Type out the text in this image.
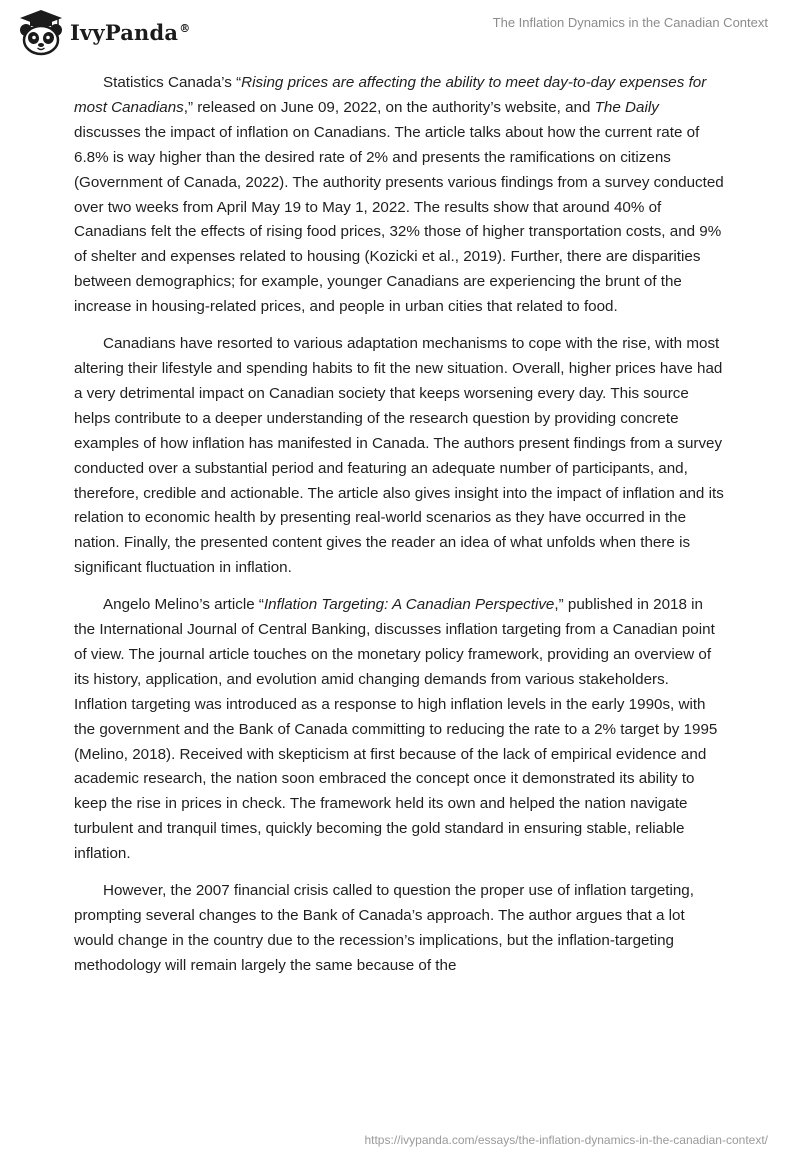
IvyPanda®	The Inflation Dynamics in the Canadian Context

Statistics Canada’s “Rising prices are affecting the ability to meet day-to-day expenses for most Canadians,” released on June 09, 2022, on the authority’s website, and The Daily discusses the impact of inflation on Canadians. The article talks about how the current rate of 6.8% is way higher than the desired rate of 2% and presents the ramifications on citizens (Government of Canada, 2022). The authority presents various findings from a survey conducted over two weeks from April May 19 to May 1, 2022. The results show that around 40% of Canadians felt the effects of rising food prices, 32% those of higher transportation costs, and 9% of shelter and expenses related to housing (Kozicki et al., 2019). Further, there are disparities between demographics; for example, younger Canadians are experiencing the brunt of the increase in housing-related prices, and people in urban cities that related to food.

Canadians have resorted to various adaptation mechanisms to cope with the rise, with most altering their lifestyle and spending habits to fit the new situation. Overall, higher prices have had a very detrimental impact on Canadian society that keeps worsening every day. This source helps contribute to a deeper understanding of the research question by providing concrete examples of how inflation has manifested in Canada. The authors present findings from a survey conducted over a substantial period and featuring an adequate number of participants, and, therefore, credible and actionable. The article also gives insight into the impact of inflation and its relation to economic health by presenting real-world scenarios as they have occurred in the nation. Finally, the presented content gives the reader an idea of what unfolds when there is significant fluctuation in inflation.

Angelo Melino’s article “Inflation Targeting: A Canadian Perspective,” published in 2018 in the International Journal of Central Banking, discusses inflation targeting from a Canadian point of view. The journal article touches on the monetary policy framework, providing an overview of its history, application, and evolution amid changing demands from various stakeholders. Inflation targeting was introduced as a response to high inflation levels in the early 1990s, with the government and the Bank of Canada committing to reducing the rate to a 2% target by 1995 (Melino, 2018). Received with skepticism at first because of the lack of empirical evidence and academic research, the nation soon embraced the concept once it demonstrated its ability to keep the rise in prices in check. The framework held its own and helped the nation navigate turbulent and tranquil times, quickly becoming the gold standard in ensuring stable, reliable inflation.

However, the 2007 financial crisis called to question the proper use of inflation targeting, prompting several changes to the Bank of Canada’s approach. The author argues that a lot would change in the country due to the recession’s implications, but the inflation-targeting methodology will remain largely the same because of the

https://ivypanda.com/essays/the-inflation-dynamics-in-the-canadian-context/
